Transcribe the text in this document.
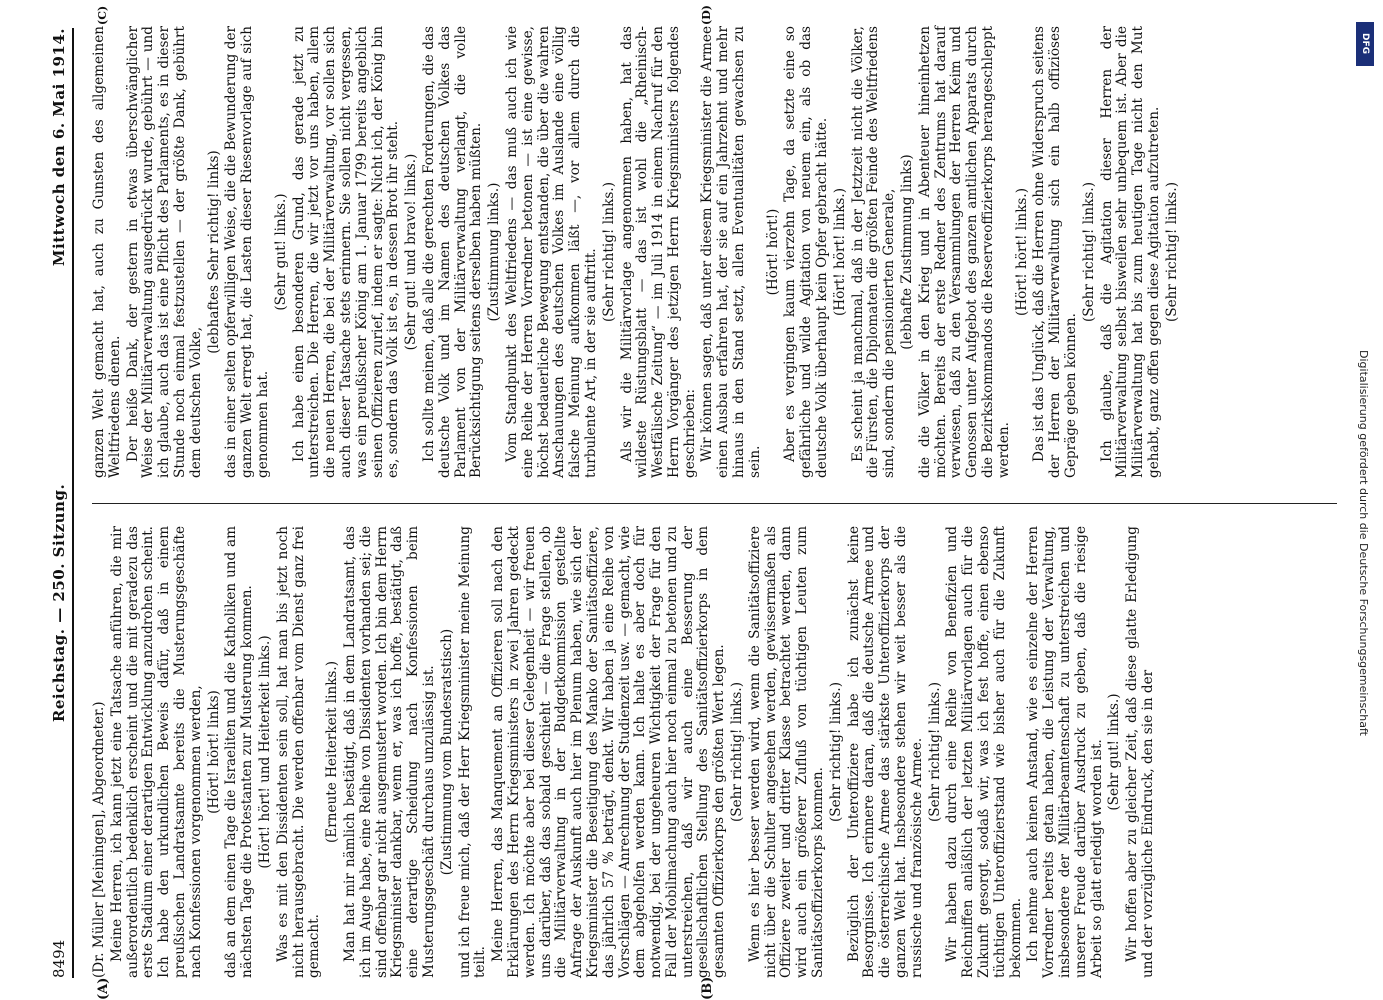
8494
Reichstag. — 250. Sitzung.
Mittwoch den 6. Mai 1914.
(A)	(B)
(C)	(D)

(Dr. Müller [Meiningen], Abgeordneter.) Meine Herren, ich kann jetzt eine Tatsache anführen, die mir außerordentlich bedenklich erscheint und die mit geradezu das erste Stadium einer derartigen Entwicklung anzudrohen scheint. Ich habe den urkundlichen Beweis dafür, daß in einem preußischen Landratsamte bereits die Musterungsgeschäfte nach Konfessionen vorgenommen werden, (Hört! hört! links) daß an dem einen Tage die Israeliten und die Katholiken und am nächsten Tage die Protestanten zur Musterung kommen. (Hört! hört! und Heiterkeit links.) Was es mit den Dissidenten sein soll, hat man bis jetzt noch nicht herausgebracht. Die werden offenbar vom Dienst ganz frei gemacht.

(Erneute Heiterkeit links.) Man hat mir nämlich bestätigt, daß in dem Landratsamt, das ich im Auge habe, eine Reihe von Dissidenten vorhanden sei; die sind offenbar gar nicht ausgemustert worden. Ich bin dem Herrn Kriegsminister dankbar, wenn er, was ich hoffe, bestätigt, daß eine derartige Scheidung nach Konfessionen beim Musterungsgeschäft durchaus unzulässig ist. (Zustimmung vom Bundesratstisch) und ich freue mich, daß der Herr Kriegsminister meine Meinung teilt. Meine Herren, das Manquement an Offizieren soll nach den Erklärungen des Herrn Kriegsministers in zwei Jahren gedeckt werden. Ich möchte aber bei dieser Gelegenheit — wir freuen uns darüber, daß das sobald geschieht — die Frage stellen, ob die Militärverwaltung in der Budgetkommission gestellte Anfrage der Auskunft auch hier im Plenum haben, wie sich der Kriegsminister die Beseitigung des Manko der Sanitätsoffiziere, das jährlich 57 % beträgt, denkt. Wir haben ja eine Reihe von Vorschlägen — Anrechnung der Studienzeit usw. — gemacht, wie dem abgeholfen werden kann. Ich halte es aber doch für notwendig, bei der ungeheuren Wichtigkeit der Frage für den Fall der Mobilmachung auch hier noch einmal zu betonen und zu unterstreichen, daß wir auch eine Besserung der gesellschaftlichen Stellung des Sanitätsoffizierkorps in dem gesamten Offizierkorps den größten Wert legen. (Sehr richtig! links.) Wenn es hier besser werden wird, wenn die Sanitätsoffiziere nicht über die Schulter angesehen werden, gewissermaßen als Offiziere zweiter und dritter Klasse betrachtet werden, dann wird auch ein größerer Zufluß von tüchtigen Leuten zum Sanitätsoffizierkorps kommen.

(Sehr richtig! links.) Bezüglich der Unteroffiziere habe ich zunächst keine Besorgnisse. Ich erinnere daran, daß die deutsche Armee und die österreichische Armee das stärkste Unteroffizierkorps der ganzen Welt hat. Insbesondere stehen wir weit besser als die russische und französische Armee. (Sehr richtig! links.) Wir haben dazu durch eine Reihe von Benefizien und Reichniffen anläßlich der letzten Militärvorlagen auch für die Zukunft gesorgt, sodaß wir, was ich fest hoffe, einen ebenso tüchtigen Unteroffizierstand wie bisher auch für die Zukunft bekommen. Ich nehme auch keinen Anstand, wie es einzelne der Herren Vorredner bereits getan haben, die Leistung der Verwaltung, insbesondere der Militärbeamtenschaft zu unterstreichen und unserer Freude darüber Ausdruck zu geben, daß die riesige Arbeit so glatt erledigt worden ist. (Sehr gut! links.) Wir hoffen aber zu gleicher Zeit, daß diese glatte Erledigung und der vorzügliche Eindruck, den sie in der

ganzen Welt gemacht hat, auch zu Gunsten des allgemeinen Weltfriedens dienen. Der heiße Dank, der gestern in etwas überschwänglicher Weise der Militärverwaltung ausgedrückt wurde, gebührt — und ich glaube, auch das ist eine Pflicht des Parlaments, es in dieser Stunde noch einmal festzustellen — der größte Dank, gebührt dem deutschen Volke,

(lebhaftes Sehr richtig! links) das in einer selten opferwilligen Weise, die die Bewunderung der ganzen Welt erregt hat, die Lasten dieser Riesenvorlage auf sich genommen hat.

(Sehr gut! links.) Ich habe einen besonderen Grund, das gerade jetzt zu unterstreichen. Die Herren, die wir jetzt vor uns haben, allem die neuen Herren, die bei der Militärverwaltung, vor sollen sich auch dieser Tatsache stets erinnern. Sie sollen nicht vergessen, was ein preußischer König am 1. Januar 1799 bereits angeblich seinen Offizieren zurief, indem er sagte: Nicht ich, der König bin es, sondern das Volk ist es, in dessen Brot ihr steht. (Sehr gut! und bravo! links.) Ich sollte meinen, daß alle die gerechten Forderungen, die das deutsche Volk und im Namen des deutschen Volkes das Parlament von der Militärverwaltung verlangt, die volle Berücksichtigung seitens derselben haben müßten. (Zustimmung links.) Vom Standpunkt des Weltfriedens — das muß auch ich wie eine Reihe der Herren Vorredner betonen — ist eine gewisse, höchst bedauerliche Bewegung entstanden, die über die wahren Anschauungen des deutschen Volkes im Auslande eine völlig falsche Meinung aufkommen läßt —, vor allem durch die turbulente Art, in der sie auftritt. (Sehr richtig! links.) Als wir die Militärvorlage angenommen haben, hat das wildeste Rüstungsblatt — das ist wohl die „Rheinisch-Westfälische Zeitung“ — im Juli 1914 in einem Nachruf für den Herrn Vorgänger des jetzigen Herrn Kriegsministers folgendes geschrieben: Wir können sagen, daß unter diesem Kriegsminister die Armee einen Ausbau erfahren hat, der sie auf ein Jahrzehnt und mehr hinaus in den Stand setzt, allen Eventualitäten gewachsen zu sein.

(Hört! hört!) Aber es vergingen kaum vierzehn Tage, da setzte eine so gefährliche und wilde Agitation von neuem ein, als ob das deutsche Volk überhaupt kein Opfer gebracht hätte. (Hört! hört! links.) Es scheint ja manchmal, daß in der Jetztzeit nicht die Völker, die Fürsten, die Diplomaten die größten Feinde des Weltfriedens sind, sondern die pensionierten Generale, (lebhafte Zustimmung links) die die Völker in den Krieg und in Abenteuer hineinhetzen möchten. Bereits der erste Redner des Zentrums hat darauf verwiesen, daß zu den Versammlungen der Herren Keim und Genossen unter Aufgebot des ganzen amtlichen Apparats durch die Bezirkskommandos die Reserveoffizierkorps herangeschleppt werden.

(Hört! hört! links.) Das ist das Unglück, daß die Herren ohne Widerspruch seitens der Herren der Militärverwaltung sich ein halb offiziöses Gepräge geben können.

(Sehr richtig! links.) Ich glaube, daß die Agitation dieser Herren der Militärverwaltung selbst bisweilen sehr unbequem ist. Aber die Militärverwaltung hat bis zum heutigen Tage nicht den Mut gehabt, ganz offen gegen diese Agitation aufzutreten. (Sehr richtig! links.)

DFG
Digitalisierung gefördert durch die Deutsche Forschungsgemeinschaft
